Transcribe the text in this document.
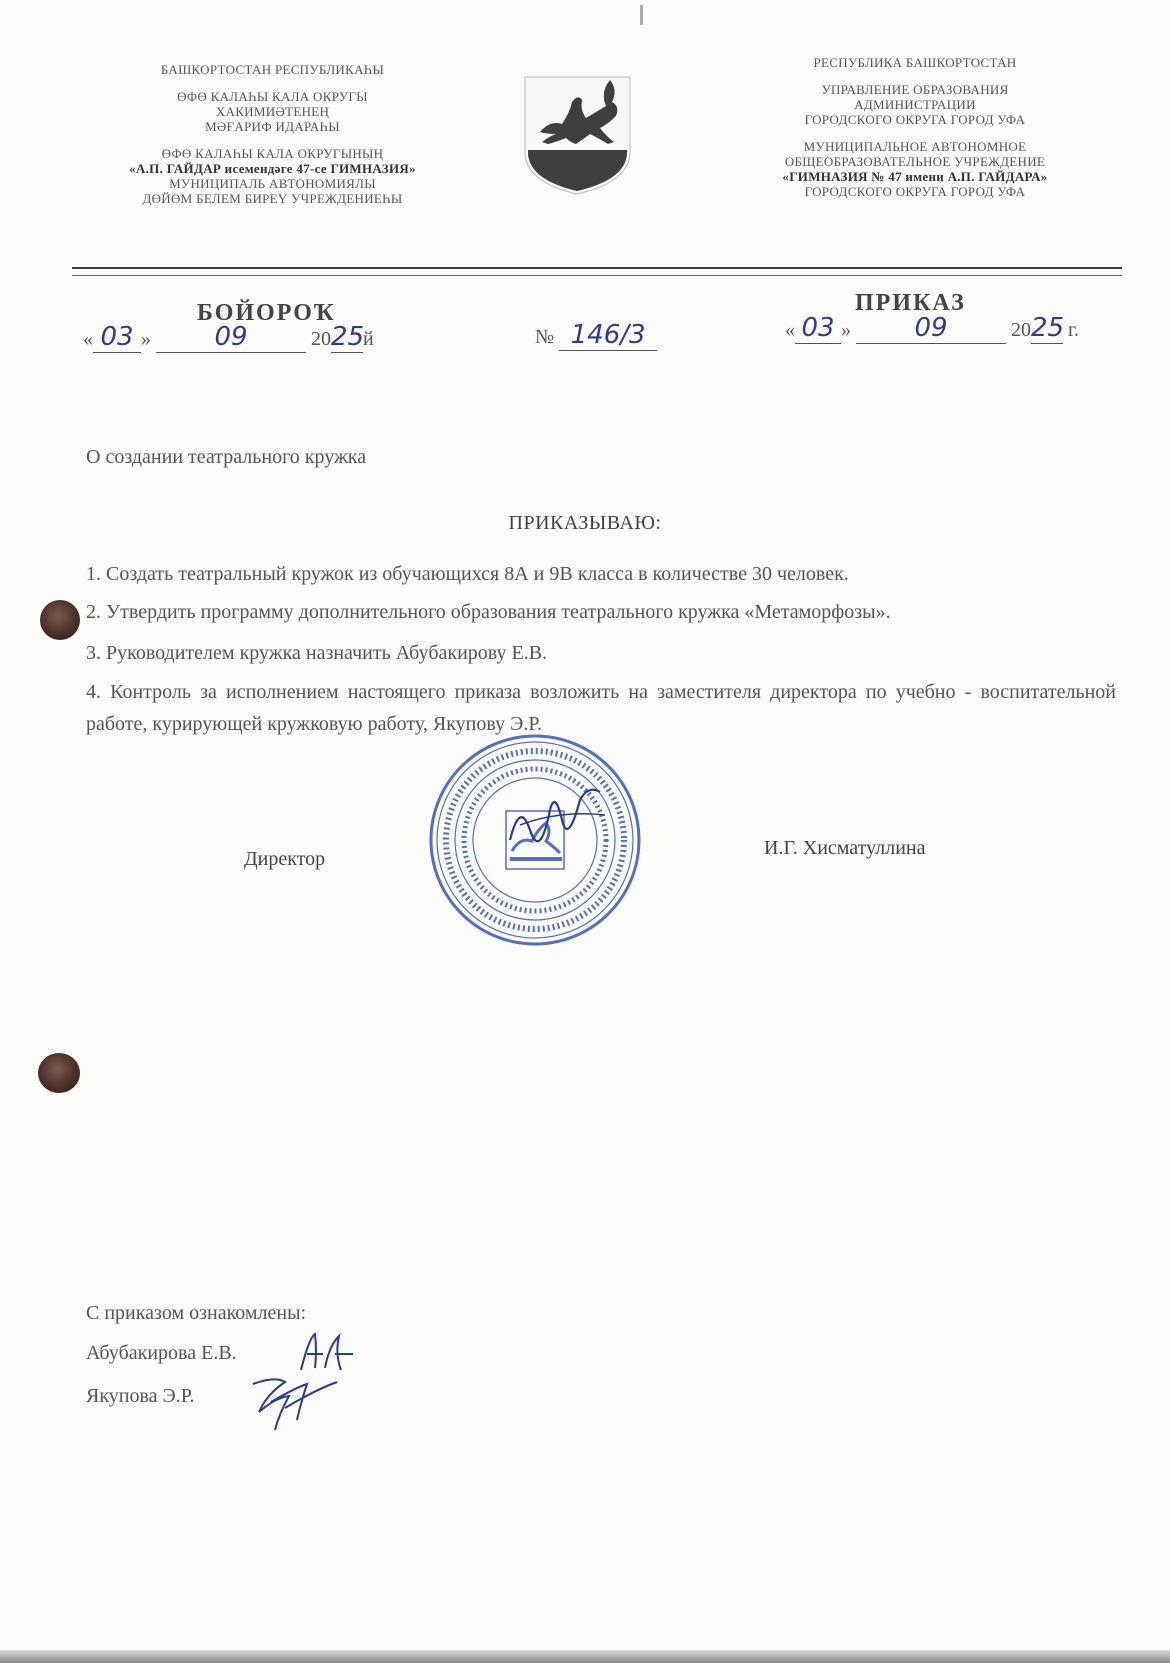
БАШКОРТОСТАН РЕСПУБЛИКАҺЫ

ӨФӨ КАЛАҺЫ КАЛА ОКРУГЫ
ХАКИМИӘТЕНЕҢ
МӘҒАРИФ ИДАРАҺЫ

ӨФӨ КАЛАҺЫ КАЛА ОКРУГЫНЫҢ
«А.П. ГАЙДАР исемендәге 47-се ГИМНАЗИЯ»
МУНИЦИПАЛЬ АВТОНОМИЯЛЫ
ДӨЙӨМ БЕЛЕМ БИРЕҮ УЧРЕЖДЕНИЕҺЫ

РЕСПУБЛИКА БАШКОРТОСТАН

УПРАВЛЕНИЕ ОБРАЗОВАНИЯ
АДМИНИСТРАЦИИ
ГОРОДСКОГО ОКРУГА ГОРОД УФА

МУНИЦИПАЛЬНОЕ АВТОНОМНОЕ
ОБЩЕОБРАЗОВАТЕЛЬНОЕ УЧРЕЖДЕНИЕ
«ГИМНАЗИЯ № 47 имени А.П. ГАЙДАРА»
ГОРОДСКОГО ОКРУГА ГОРОД УФА

БОЙОРОҠ	ПРИКАЗ
« 03 » 09	2025й	№ 146/3	« 03 » 09	2025 г.
О создании театрального кружка
ПРИКАЗЫВАЮ:
1. Создать театральный кружок из обучающихся 8А и 9В класса в количестве 30 человек.
2. Утвердить программу дополнительного образования театрального кружка «Метаморфозы».
3. Руководителем кружка назначить Абубакирову Е.В.
4. Контроль за исполнением настоящего приказа возложить на заместителя директора по учебно - воспитательной работе, курирующей кружковую работу, Якупову Э.Р.
Директор	И.Г. Хисматуллина
С приказом ознакомлены:
Абубакирова Е.В.
Якупова Э.Р.
